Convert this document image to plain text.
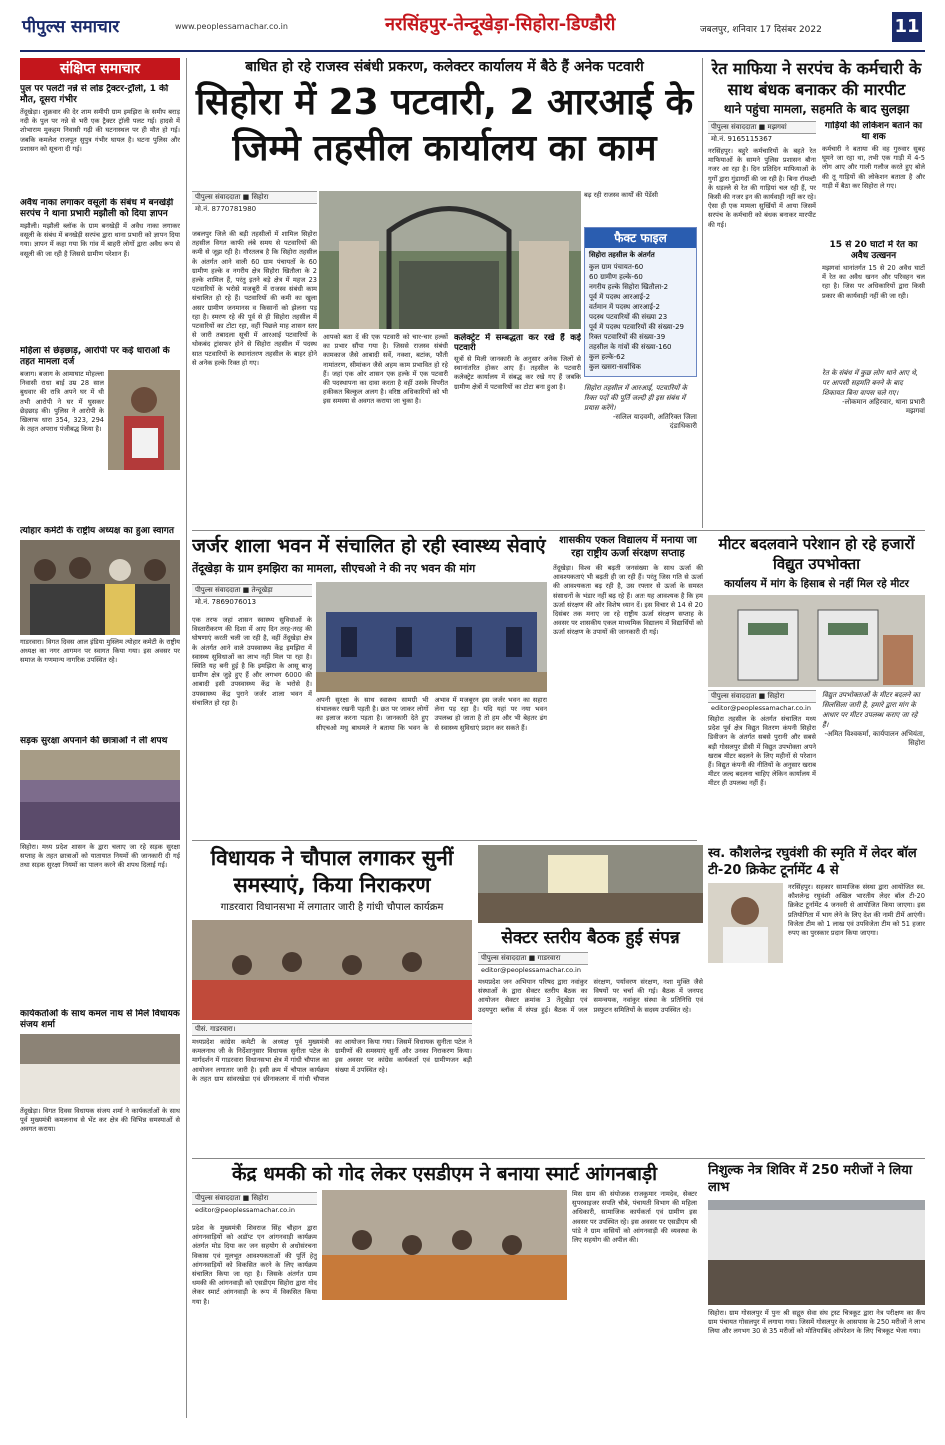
पीपुल्स समाचार	www.peoplessamachar.co.in	नरसिंहपुर-तेन्दूखेड़ा-सिहोरा-डिण्डौरी	जबलपुर, शनिवार 17 दिसंबर 2022	11
संक्षिप्त समाचार
पुल पर पलटी नन्ने से लोड ट्रैक्टर-ट्रॉली, 1 की मौत, दूसरा गंभीर
तेंदूखेड़ा। शुक्रवार की देर शाम समीपी ग्राम इमझिरा के समीप बराड़ नदी के पुल पर नन्ने से भरी एक ट्रैक्टर ट्रॉली पलट गई। हादसे में शोभाराम मुकहम निवासी गढ़ी की घटनास्थल पर ही मौत हो गई। जबकि कमलेश राजपूत सुपुत्र गंभीर घायल है। घटना पुलिस और प्रशासन को सूचना दी गई।
अवैध नाका लगाकर वसूली के संबंध में बनखेड़ी सरपंच ने थाना प्रभारी मझौली को दिया ज्ञापन
मझौली। मझौली ब्लॉक के ग्राम बनखेड़ी में अवैध नाका लगाकर वसूली के संबंध में बनखेड़ी सरपंच द्वारा थाना प्रभारी को ज्ञापन दिया गया। ज्ञापन में कहा गया कि गांव में बाहरी लोगों द्वारा अवैध रूप से वसूली की जा रही है जिससे ग्रामीण परेशान हैं।
महिला से छेड़छाड़, आरोपी पर कई धाराओं के तहत मामला दर्ज
बजाग। बजाग के आमाघाट मोहल्ला निवासी राधा बाई उम्र 28 साल बुधवार की रात्रि अपने घर में थी तभी आरोपी ने घर में घुसकर छेड़छाड़ की। पुलिस ने आरोपी के खिलाफ धारा 354, 323, 294 के तहत अपराध पंजीबद्ध किया है।
त्योहार कमेटी के राष्ट्रीय अध्यक्ष का हुआ स्वागत
गाडरवारा। विगत दिवस आल इंडिया मुस्लिम त्योहार कमेटी के राष्ट्रीय अध्यक्ष का नगर आगमन पर स्वागत किया गया। इस अवसर पर समाज के गणमान्य नागरिक उपस्थित रहे।
सड़क सुरक्षा अपनाने की छात्राओं ने ली शपथ
सिहोरा। मध्य प्रदेश शासन के द्वारा चलाए जा रहे सड़क सुरक्षा सप्ताह के तहत छात्राओं को यातायात नियमों की जानकारी दी गई तथा सड़क सुरक्षा नियमों का पालन करने की शपथ दिलाई गई।
कार्यकर्ताओं के साथ कमल नाथ से मिले विधायक संजय शर्मा
तेंदूखेड़ा। विगत दिवस विधायक संजय शर्मा ने कार्यकर्ताओं के साथ पूर्व मुख्यमंत्री कमलनाथ से भेंट कर क्षेत्र की विभिन्न समस्याओं से अवगत कराया।
बाधित हो रहे राजस्व संबंधी प्रकरण, कलेक्टर कार्यालय में बैठे हैं अनेक पटवारी
सिहोरा में 23 पटवारी, 2 आरआई के जिम्मे तहसील कार्यालय का काम
पीपुल्स संवाददाता ■ सिहोरा
मो.नं. 8770781980
जबलपुर जिले की बड़ी तहसीलों में शामिल सिहोरा तहसील विगत काफी लंबे समय से पटवारियों की कमी से जूझ रही है। गौरतलब है कि सिहोरा तहसील के अंतर्गत आने वाली 60 ग्राम पंचायतों के 60 ग्रामीण हल्के व नगरीय क्षेत्र सिहोरा खितौला के 2 हल्के शामिल हैं, परंतु इतने बड़े क्षेत्र में महज 23 पटवारियों के भरोसे मजबूरी में राजस्व संबंधी काम संचालित हो रहे हैं। पटवारियों की कमी का खुला असर ग्रामीण जनमानस व किसानों को झेलना पड़ रहा है। स्मरण रहे की पूर्व से ही सिहोरा तहसील में पटवारियों का टोटा रहा, वहीं पिछले माह शासन स्तर से जारी तबादला सूची में आरआई पटवारियों के थोकबंद ट्रांसफर होने से सिहोरा तहसील में पदस्थ सात पटवारियों के स्थानांतरण तहसील के बाहर होने से अनेक हल्के रिक्त हो गए।
आपको बता दें की एक पटवारी को चार-चार हल्कों का प्रभार सौंपा गया है। जिससे राजस्व संबंधी कामकाज जैसे आबादी सर्वे, नक्शा, बटांक, फौती नामांतरण, सीमांकन जैसे अहम काम प्रभावित हो रहे हैं। जहां एक ओर शासन एक हल्के में एक पटवारी की पदस्थापना का दावा करता है वहीं उसके विपरीत हकीकत बिल्कुल अलग है। वरिष्ठ अधिकारियों को भी इस समस्या से अवगत कराया जा चुका है।
कलेक्ट्रेट में सम्बद्धता कर रखे हैं कई पटवारी
सूत्रों से मिली जानकारी के अनुसार अनेक जिलों से स्थानांतरित होकर आए हैं। तहसील के पटवारी कलेक्ट्रेट कार्यालय में संबद्ध कर रखे गए हैं जबकि ग्रामीण क्षेत्रों में पटवारियों का टोटा बना हुआ है।
बढ़ रही राजस्व कार्यों की पेंडेंसी
फैक्ट फाइल
सिहोरा तहसील के अंतर्गत
कुल ग्राम पंचायत-60
60 ग्रामीण हल्के-60
नगरीय हल्के सिहोरा खितौला-2
पूर्व में पदस्थ आरआई-2
वर्तमान में पदस्थ आरआई-2
पदस्थ पटवारियों की संख्या 23
पूर्व में पदस्थ पटवारियों की संख्या-29
रिक्त पटवारियों की संख्या-39
तहसील के गांवों की संख्या-160
कुल हल्के-62
कुल खसरा-सर्वाधिक
सिहोरा तहसील में आरआई, पटवारियों के रिक्त पदों की पूर्ति जल्दी ही इस संबंध में प्रयास करेंगे।
-सलिल यादवमी, अतिरिक्त जिला दंडाधिकारी
रेत माफिया ने सरपंच के कर्मचारी के साथ बंधक बनाकर की मारपीट
थाने पहुंचा मामला, सहमति के बाद सुलझा
पीपुल्स संवाददाता ■ मझगवां
मो.नं. 9165115367
नरसिंहपुर। बहुरे कर्मचारियों के बहते रेत माफियाओं के सामने पुलिस प्रशासन बौना नजर आ रहा है। दिन प्रतिदिन माफियाओं के गुर्गों द्वारा गुंडागर्दी की जा रही है। बिना रॉयल्टी के धड़ल्ले से रेत की गाड़ियां चल रही हैं, पर किसी की नजर इन की कार्यवाही नहीं कर रहे। ऐसा ही एक मामला सुर्खियों में आया जिसमें सरपंच के कर्मचारी को बंधक बनाकर मारपीट की गई।
गाड़ियों की लोकेशन बताने का था शक
कर्मचारी ने बताया की वह गुरुवार सुबह घूमने जा रहा था, तभी एक गाड़ी में 4-5 लोग आए और गाली गलौज करते हुए बोले की तू गाड़ियों की लोकेशन बताता है और गाड़ी में बैठा कर सिहोरा ले गए।
15 से 20 घाटों में रेत का अवैध उत्खनन
मझगवां थानांतर्गत 15 से 20 अवैध घाटों में रेत का अवैध खनन और परिवहन चल रहा है। जिस पर अधिकारियों द्वारा किसी प्रकार की कार्यवाही नहीं की जा रही।
रेत के संबंध में कुछ लोग थाने आए थे, पर आपसी सहमति बनने के बाद शिकायत बिना वापस चले गए।
-लोकमान अहिरवार, थाना प्रभारी मझगवां
जर्जर शाला भवन में संचालित हो रही स्वास्थ्य सेवाएं
तेंदूखेड़ा के ग्राम इमझिरा का मामला, सीएचओ ने की नए भवन की मांग
पीपुल्स संवाददाता ■ तेन्दूखेड़ा
मो.नं. 7869076013
एक तरफ जहां शासन स्वास्थ्य सुविधाओं के विस्तारीकरण की दिशा में आए दिन तरह-तरह की घोषणाएं करती चली जा रही है, वहीं तेंदूखेड़ा क्षेत्र के अंतर्गत आने वाले उपस्वास्थ्य केंद्र इमझिरा में स्वास्थ्य सुविधाओं का लाभ नहीं मिल पा रहा है। स्थिति यह बनी हुई है कि इमझिरा के आसू बाजू ग्रामीण क्षेत्र जुड़े हुए हैं और लगभग 6000 की आबादी इसी उपस्वास्थ्य केंद्र के भरोसे है। उपस्वास्थ्य केंद्र पुराने जर्जर शाला भवन में संचालित हो रहा है।	अपनी सुरक्षा के साथ स्वास्थ्य सामग्री भी संभालकर रखनी पड़ती है। छत पर जाकर लोगों का इलाज करना पड़ता है। जानकारी देते हुए सीएचओ मधु बाथमले ने बताया कि भवन के अभाव में मजबूरन इस जर्जर भवन का सहारा लेना पड़ रहा है। यदि यहां पर नया भवन उपलब्ध हो जाता है तो हम और भी बेहतर ढंग से स्वास्थ्य सुविधाएं प्रदान कर सकते हैं।
शासकीय एकल विद्यालय में मनाया जा रहा राष्ट्रीय ऊर्जा संरक्षण सप्ताह
तेंदूखेड़ा। विश्व की बढ़ती जनसंख्या के साथ ऊर्जा की आवश्यकताएं भी बढ़ती ही जा रही हैं। परंतु जिस गति से ऊर्जा की आवश्यकता बढ़ रही है, उस रफ्तार से ऊर्जा के समस्त संसाधनों के भंडार नहीं बढ़ रहे हैं। अतः यह आवश्यक है कि हम ऊर्जा संरक्षण की ओर विशेष ध्यान दें। इस विचार से 14 से 20 दिसंबर तक मनाए जा रहे राष्ट्रीय ऊर्जा संरक्षण सप्ताह के अवसर पर शासकीय एकल माध्यमिक विद्यालय में विद्यार्थियों को ऊर्जा संरक्षण के उपायों की जानकारी दी गई।
मीटर बदलवाने परेशान हो रहे हजारों विद्युत उपभोक्ता
कार्यालय में मांग के हिसाब से नहीं मिल रहे मीटर
पीपुल्स संवाददाता ■ सिहोरा
editor@peoplessamachar.co.in
सिहोरा तहसील के अंतर्गत संचालित मध्य प्रदेश पूर्व क्षेत्र विद्युत वितरण कंपनी सिहोरा डिवीजन के अंतर्गत सबसे पुरानी और सबसे बड़ी गोसलपुर डीसी में विद्युत उपभोक्ता अपने खराब मीटर बदलने के लिए महीनों से परेशान हैं। विद्युत कंपनी की नीतियों के अनुसार खराब मीटर जल्द बदलना चाहिए लेकिन कार्यालय में मीटर ही उपलब्ध नहीं हैं।
विद्युत उपभोक्ताओं के मीटर बदलने का सिलसिला जारी है, हमारे द्वारा मांग के आधार पर मीटर उपलब्ध कराए जा रहे हैं।
-अमित विश्वकर्मा, कार्यपालन अभियंता, सिहोरा
विधायक ने चौपाल लगाकर सुनीं समस्याएं, किया निराकरण
गाडरवारा विधानसभा में लगातार जारी है गांधी चौपाल कार्यक्रम
पीसं. गाडरवारा।
मध्यप्रदेश कांग्रेस कमेटी के अध्यक्ष पूर्व मुख्यमंत्री कमलनाथ जी के निर्देशानुसार विधायक सुनीता पटेल के मार्गदर्शन में गाडरवारा विधानसभा क्षेत्र में गांधी चौपाल का आयोजन लगातार जारी है। इसी क्रम में चौपाल कार्यक्रम के तहत ग्राम सांवरखेडा एवं छीनाकलार में गांधी चौपाल का आयोजन किया गया। जिसमें विधायक सुनीता पटेल ने ग्रामीणों की समस्याएं सुनीं और उनका निराकरण किया। इस अवसर पर कांग्रेस कार्यकर्ता एवं ग्रामीणजन बड़ी संख्या में उपस्थित रहे।
सेक्टर स्तरीय बैठक हुई संपन्न
पीपुल्स संवाददाता ■ गाडरवारा
editor@peoplessamachar.co.in
मध्यप्रदेश जन अभियान परिषद द्वारा नवांकुर संस्थाओं के द्वारा सेक्टर स्तरीय बैठक का आयोजन सेक्टर क्रमांक 3 तेंदूखेड़ा एवं उदयपुरा ब्लॉक में संपन्न हुई। बैठक में जल संरक्षण, पर्यावरण संरक्षण, नशा मुक्ति जैसे विषयों पर चर्चा की गई। बैठक में जनपद समन्वयक, नवांकुर संस्था के प्रतिनिधि एवं प्रस्फुटन समितियों के सदस्य उपस्थित रहे।
स्व. कौशलेन्द्र रघुवंशी की स्मृति में लेदर बॉल टी-20 क्रिकेट टूर्नामेंट 4 से
नरसिंहपुर। सहकार सामाजिक संस्था द्वारा आयोजित स्व. कौशलेन्द्र रघुवंशी अखिल भारतीय लेदर बॉल टी-20 क्रिकेट टूर्नामेंट 4 जनवरी से आयोजित किया जाएगा। इस प्रतियोगिता में भाग लेने के लिए देश की नामी टीमें आएंगी। विजेता टीम को 1 लाख एवं उपविजेता टीम को 51 हजार रुपए का पुरस्कार प्रदान किया जाएगा।
केंद्र धमकी को गोद लेकर एसडीएम ने बनाया स्मार्ट आंगनबाड़ी
पीपुल्स संवाददाता ■ सिहोरा
editor@peoplessamachar.co.in
प्रदेश के मुख्यमंत्री शिवराज सिंह चौहान द्वारा आंगनवाड़ियों को अडॉप्ट एन आंगनवाड़ी कार्यक्रम अंतर्गत मोड दिया कर जन सहयोग से अधोसंरचना विकास एवं मूलभूत आवश्यकताओं की पूर्ति हेतु आंगनवाड़ियों को विकसित करने के लिए कार्यक्रम संचालित किया जा रहा है। जिसके अंतर्गत ग्राम धमकी की आंगनवाड़ी को एसडीएम सिहोरा द्वारा गोद लेकर स्मार्ट आंगनवाड़ी के रूप में विकसित किया गया है।
मिस ग्राम की संयोजक राजकुमार नामदेव, सेक्टर सुपरवाइजर सपति चौबे, पंचायती विभाग की महिला अधिकारी, सामाजिक कार्यकर्ता एवं ग्रामीण इस अवसर पर उपस्थित रहे। इस अवसर पर एसडीएम श्री पांडे ने ग्राम वासियों को आंगनवाड़ी की व्यवस्था के लिए सहयोग की अपील की।
निशुल्क नेत्र शिविर में 250 मरीजों ने लिया लाभ
सिहोरा। ग्राम गोसलपुर में पुनः श्री सद्गुरु सेवा संघ ट्रस्ट चित्रकूट द्वारा नेत्र परीक्षण का कैंप ग्राम पंचायत गोसलपुर में लगाया गया। जिसमें गोसलपुर के आसपास के 250 मरीजों ने लाभ लिया और लगभग 30 से 35 मरीजों को मोतियाबिंद ऑपरेशन के लिए चित्रकूट भेजा गया।
